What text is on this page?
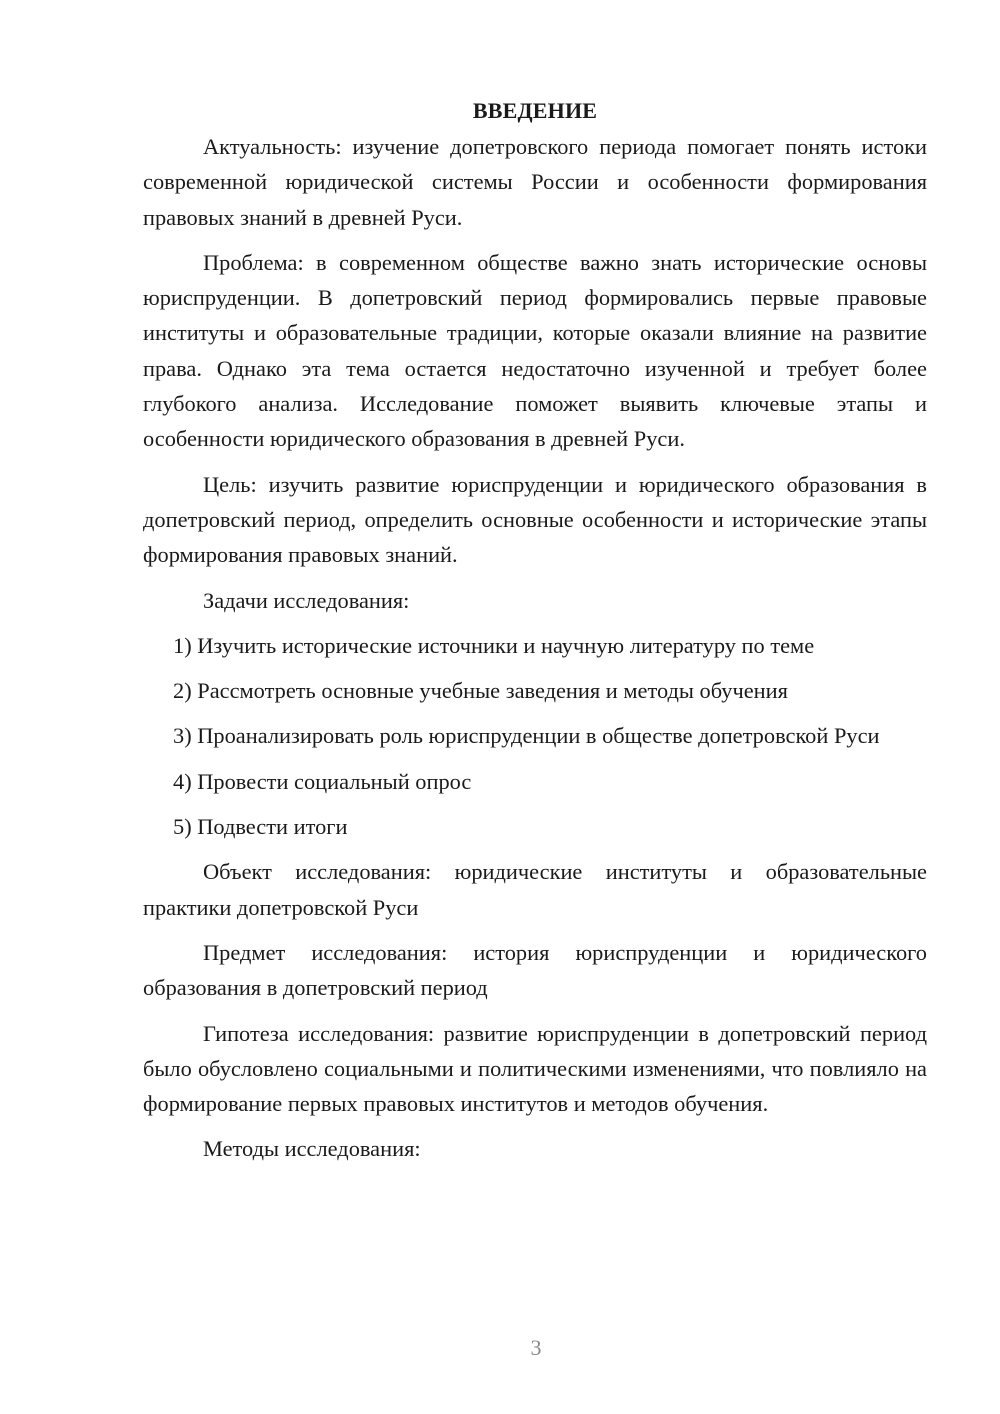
ВВЕДЕНИЕ

Актуальность: изучение допетровского периода помогает понять истоки современной юридической системы России и особенности формирования правовых знаний в древней Руси.

Проблема: в современном обществе важно знать исторические основы юриспруденции. В допетровский период формировались первые правовые институты и образовательные традиции, которые оказали влияние на развитие права. Однако эта тема остается недостаточно изученной и требует более глубокого анализа. Исследование поможет выявить ключевые этапы и особенности юридического образования в древней Руси.

Цель: изучить развитие юриспруденции и юридического образования в допетровский период, определить основные особенности и исторические этапы формирования правовых знаний.

Задачи исследования:

1) Изучить исторические источники и научную литературу по теме

2) Рассмотреть основные учебные заведения и методы обучения

3) Проанализировать роль юриспруденции в обществе допетровской Руси

4) Провести социальный опрос

5) Подвести итоги

Объект исследования: юридические институты и образовательные практики допетровской Руси

Предмет исследования: история юриспруденции и юридического образования в допетровский период

Гипотеза исследования: развитие юриспруденции в допетровский период было обусловлено социальными и политическими изменениями, что повлияло на формирование первых правовых институтов и методов обучения.

Методы исследования:

3
